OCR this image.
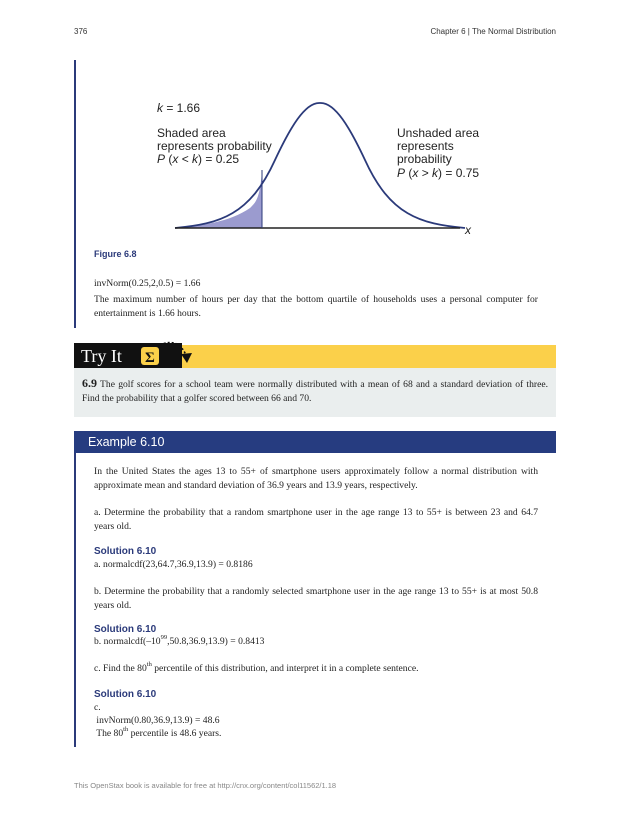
376	Chapter 6 | The Normal Distribution
k = 1.66
Shaded area
represents probability
P (x < k) = 0.25
Unshaded area
represents
probability
P (x > k) = 0.75
x
Figure 6.8
invNorm(0.25,2,0.5) = 1.66
The maximum number of hours per day that the bottom quartile of households uses a personal computer for entertainment is 1.66 hours.
Try It Σ
6.9 The golf scores for a school team were normally distributed with a mean of 68 and a standard deviation of three. Find the probability that a golfer scored between 66 and 70.
Example 6.10
In the United States the ages 13 to 55+ of smartphone users approximately follow a normal distribution with approximate mean and standard deviation of 36.9 years and 13.9 years, respectively.
a. Determine the probability that a random smartphone user in the age range 13 to 55+ is between 23 and 64.7 years old.
Solution 6.10
a. normalcdf(23,64.7,36.9,13.9) = 0.8186
b. Determine the probability that a randomly selected smartphone user in the age range 13 to 55+ is at most 50.8 years old.
Solution 6.10
b. $normalcdf(-10^{99},50.8,36.9,13.9) = 0.8413$
c. Find the 80th percentile of this distribution, and interpret it in a complete sentence.
Solution 6.10
c.
invNorm(0.80,36.9,13.9) = 48.6
The 80th percentile is 48.6 years.
This OpenStax book is available for free at http://cnx.org/content/col11562/1.18
